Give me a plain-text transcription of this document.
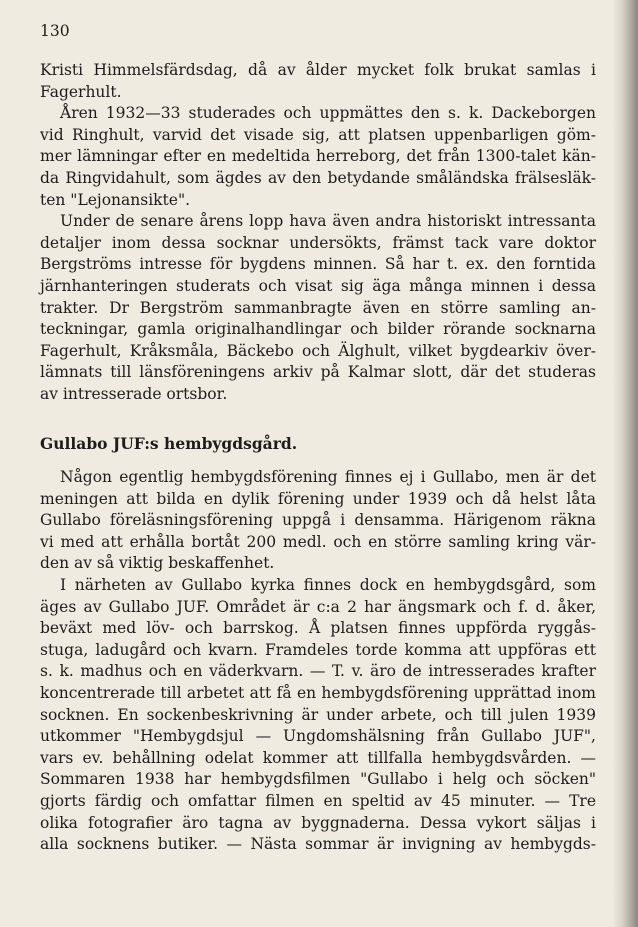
130
Kristi Himmelsfärdsdag, då av ålder mycket folk brukat samlas i
Fagerhult.
Åren 1932—33 studerades och uppmättes den s. k. Dackeborgen
vid Ringhult, varvid det visade sig, att platsen uppenbarligen göm-
mer lämningar efter en medeltida herreborg, det från 1300-talet kän-
da Ringvidahult, som ägdes av den betydande småländska frälsesläk-
ten "Lejonansikte".
Under de senare årens lopp hava även andra historiskt intressanta
detaljer inom dessa socknar undersökts, främst tack vare doktor
Bergströms intresse för bygdens minnen. Så har t. ex. den forntida
järnhanteringen studerats och visat sig äga många minnen i dessa
trakter. Dr Bergström sammanbragte även en större samling an-
teckningar, gamla originalhandlingar och bilder rörande socknarna
Fagerhult, Kråksmåla, Bäckebo och Älghult, vilket bygdearkiv över-
lämnats till länsföreningens arkiv på Kalmar slott, där det studeras
av intresserade ortsbor.
Gullabo JUF:s hembygdsgård.
Någon egentlig hembygdsförening finnes ej i Gullabo, men är det
meningen att bilda en dylik förening under 1939 och då helst låta
Gullabo föreläsningsförening uppgå i densamma. Härigenom räkna
vi med att erhålla bortåt 200 medl. och en större samling kring vär-
den av så viktig beskaffenhet.
I närheten av Gullabo kyrka finnes dock en hembygdsgård, som
äges av Gullabo JUF. Området är c:a 2 har ängsmark och f. d. åker,
beväxt med löv- och barrskog. Å platsen finnes uppförda ryggås-
stuga, ladugård och kvarn. Framdeles torde komma att uppföras ett
s. k. madhus och en väderkvarn. — T. v. äro de intresserades krafter
koncentrerade till arbetet att få en hembygdsförening upprättad inom
socknen. En sockenbeskrivning är under arbete, och till julen 1939
utkommer "Hembygdsjul — Ungdomshälsning från Gullabo JUF",
vars ev. behållning odelat kommer att tillfalla hembygdsvården. —
Sommaren 1938 har hembygdsfilmen "Gullabo i helg och söcken"
gjorts färdig och omfattar filmen en speltid av 45 minuter. — Tre
olika fotografier äro tagna av byggnaderna. Dessa vykort säljas i
alla socknens butiker. — Nästa sommar är invigning av hembygds-
